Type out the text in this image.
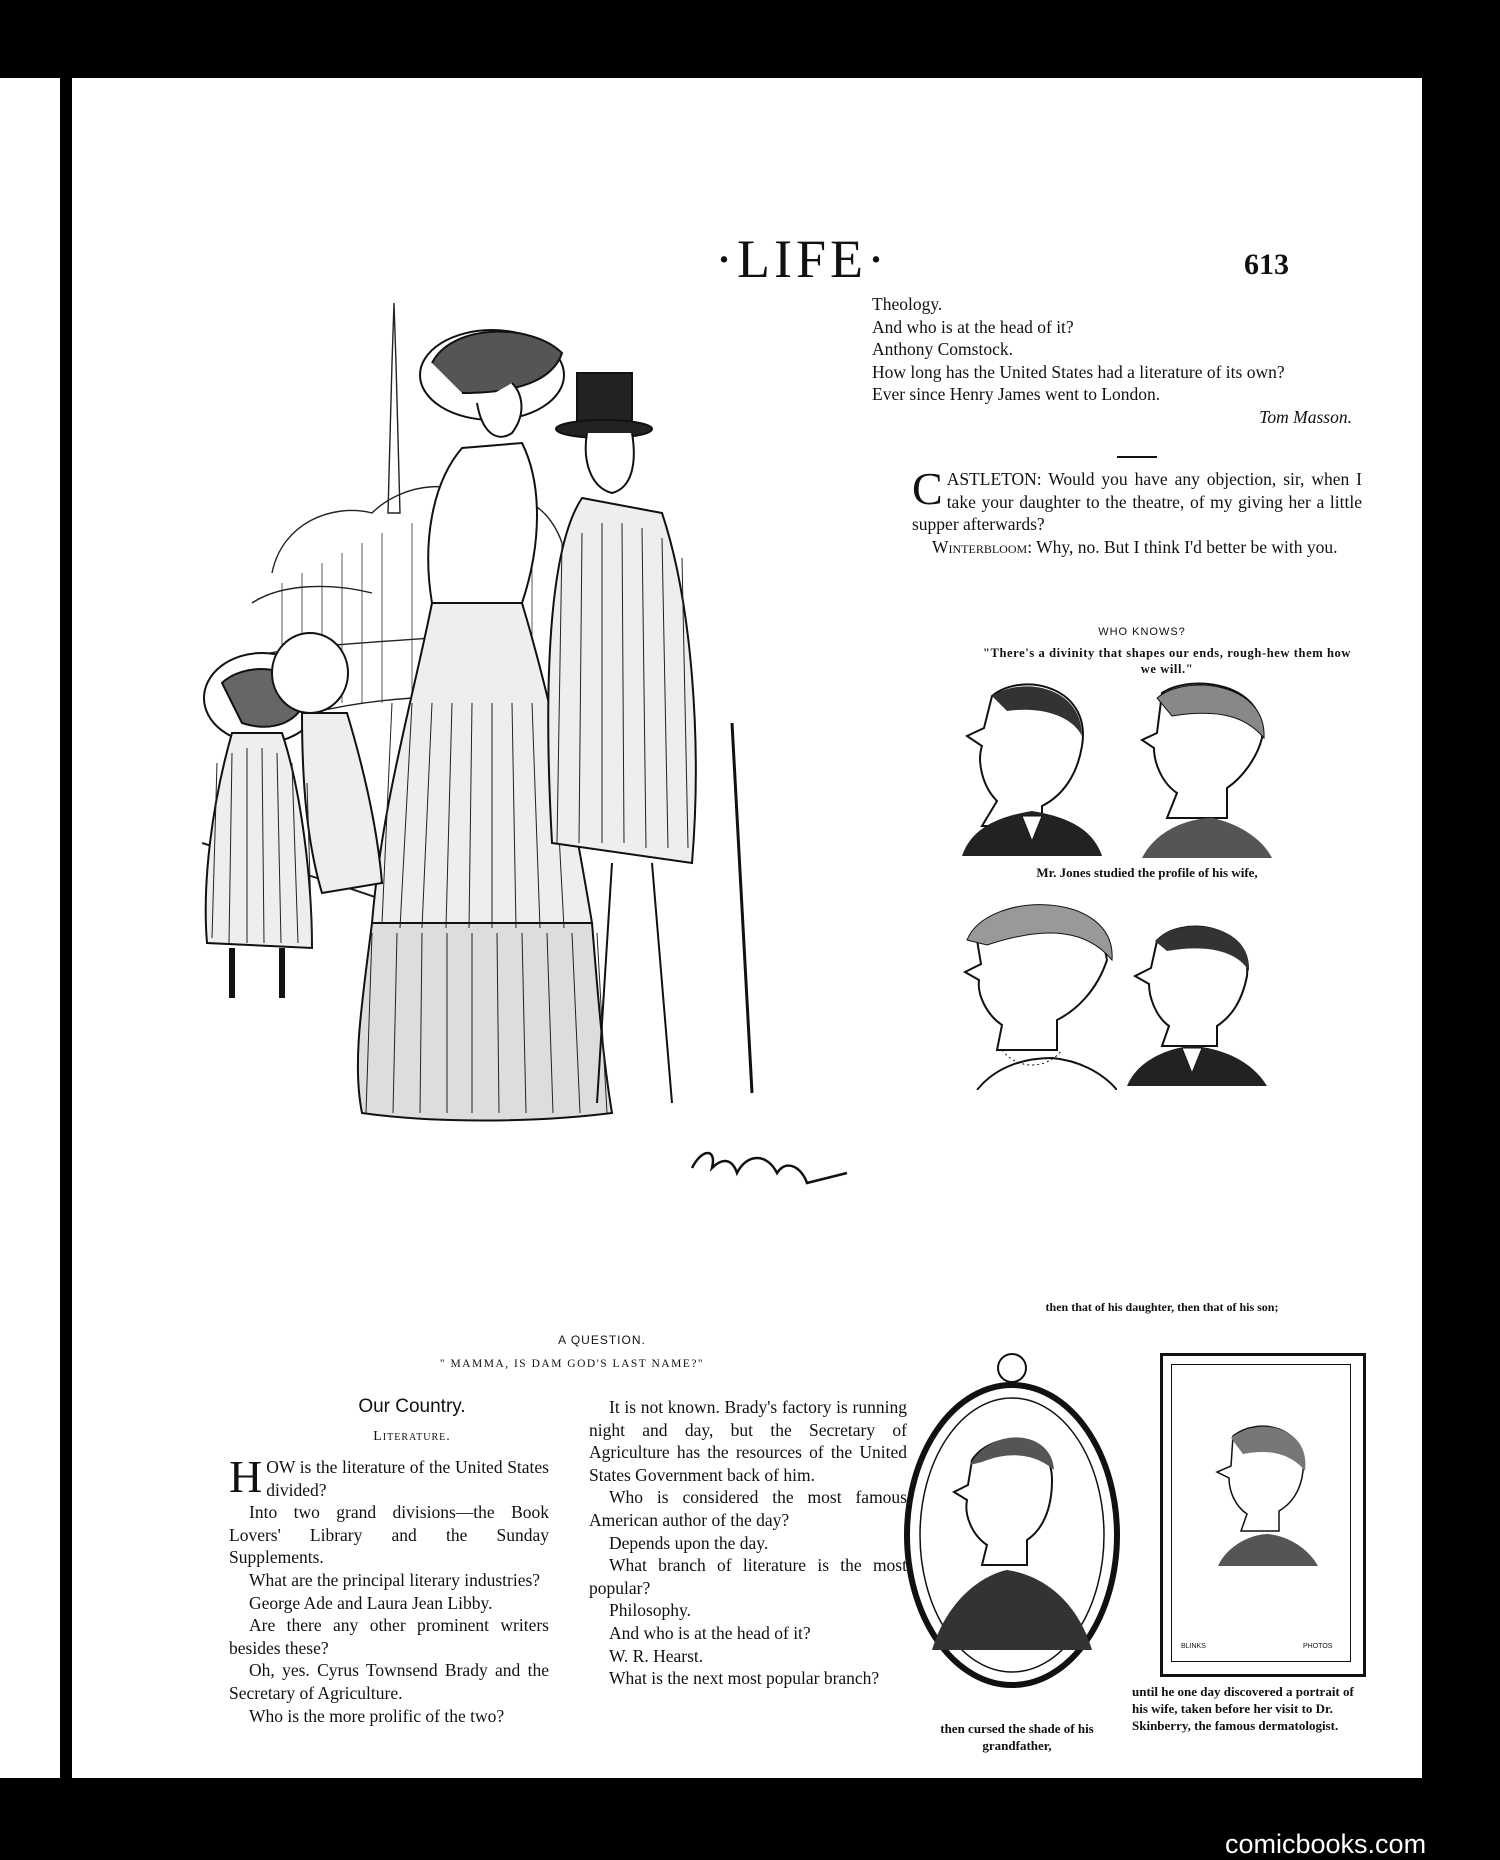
·LIFE·	613
A QUESTION.
" MAMMA, IS DAM GOD'S LAST NAME?"

Theology.

And who is at the head of it?

Anthony Comstock.

How long has the United States had a literature of its own?

Ever since Henry James went to London.

Tom Masson.

CASTLETON: Would you have any objection, sir, when I take your daughter to the theatre, of my giving her a little supper afterwards?

Winterbloom: Why, no. But I think I'd better be with you.

WHO KNOWS?
"There's a divinity that shapes our ends, rough-hew them how we will."
Mr. Jones studied the profile of his wife,
then that of his daughter, then that of his son;
then cursed the shade of his grandfather,
BLINKS	PHOTOS
until he one day discovered a portrait of his wife, taken before her visit to Dr. Skinberry, the famous dermatologist.
Our Country.
Literature.

HOW is the literature of the United States divided?

Into two grand divisions—the Book Lovers' Library and the Sunday Supplements.

What are the principal literary industries?

George Ade and Laura Jean Libby.

Are there any other prominent writers besides these?

Oh, yes. Cyrus Townsend Brady and the Secretary of Agriculture.

Who is the more prolific of the two?

It is not known. Brady's factory is running night and day, but the Secretary of Agriculture has the resources of the United States Government back of him.

Who is considered the most famous American author of the day?

Depends upon the day.

What branch of literature is the most popular?

Philosophy.

And who is at the head of it?

W. R. Hearst.

What is the next most popular branch?

comicbooks.com
